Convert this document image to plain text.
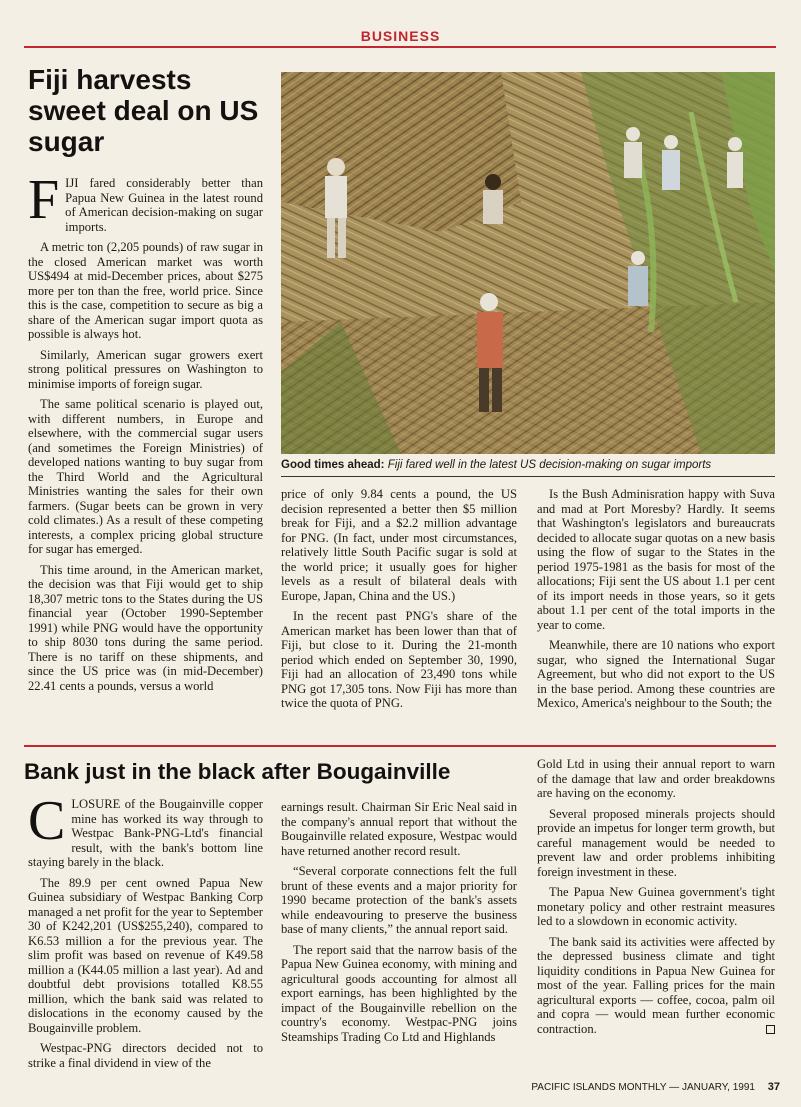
BUSINESS
Fiji harvests sweet deal on US sugar
Good times ahead: Fiji fared well in the latest US decision-making on sugar imports

FIJI fared considerably better than Papua New Guinea in the latest round of American decision-making on sugar imports.

A metric ton (2,205 pounds) of raw sugar in the closed American market was worth US$494 at mid-December prices, about $275 more per ton than the free, world price. Since this is the case, competition to secure as big a share of the American sugar import quota as possible is always hot.

Similarly, American sugar growers exert strong political pressures on Washington to minimise imports of foreign sugar.

The same political scenario is played out, with different numbers, in Europe and elsewhere, with the commercial sugar users (and sometimes the Foreign Ministries) of developed nations wanting to buy sugar from the Third World and the Agricultural Ministries wanting the sales for their own farmers. (Sugar beets can be grown in very cold climates.) As a result of these competing interests, a complex pricing global structure for sugar has emerged.

This time around, in the American market, the decision was that Fiji would get to ship 18,307 metric tons to the States during the US financial year (October 1990-September 1991) while PNG would have the opportunity to ship 8030 tons during the same period. There is no tariff on these shipments, and since the US price was (in mid-December) 22.41 cents a pounds, versus a world

price of only 9.84 cents a pound, the US decision represented a better then $5 million break for Fiji, and a $2.2 million advantage for PNG. (In fact, under most circumstances, relatively little South Pacific sugar is sold at the world price; it usually goes for higher levels as a result of bilateral deals with Europe, Japan, China and the US.)

In the recent past PNG's share of the American market has been lower than that of Fiji, but close to it. During the 21-month period which ended on September 30, 1990, Fiji had an allocation of 23,490 tons while PNG got 17,305 tons. Now Fiji has more than twice the quota of PNG.

Is the Bush Adminisration happy with Suva and mad at Port Moresby? Hardly. It seems that Washington's legislators and bureaucrats decided to allocate sugar quotas on a new basis using the flow of sugar to the States in the period 1975-1981 as the basis for most of the allocations; Fiji sent the US about 1.1 per cent of its import needs in those years, so it gets about 1.1 per cent of the total imports in the year to come.

Meanwhile, there are 10 nations who export sugar, who signed the International Sugar Agreement, but who did not export to the US in the base period. Among these countries are Mexico, America's neighbour to the South; the

Bank just in the black after Bougainville

CLOSURE of the Bougainville copper mine has worked its way through to Westpac Bank-PNG-Ltd's financial result, with the bank's bottom line staying barely in the black.

The 89.9 per cent owned Papua New Guinea subsidiary of Westpac Banking Corp managed a net profit for the year to September 30 of K242,201 (US$255,240), compared to K6.53 million a for the previous year. The slim profit was based on revenue of K49.58 million a (K44.05 million a last year). Ad and doubtful debt provisions totalled K8.55 million, which the bank said was related to dislocations in the economy caused by the Bougainville problem.

Westpac-PNG directors decided not to strike a final dividend in view of the

earnings result. Chairman Sir Eric Neal said in the company's annual report that without the Bougainville related exposure, Westpac would have returned another record result.

“Several corporate connections felt the full brunt of these events and a major priority for 1990 became protection of the bank's assets while endeavouring to preserve the business base of many clients,” the annual report said.

The report said that the narrow basis of the Papua New Guinea economy, with mining and agricultural goods accounting for almost all export earnings, has been highlighted by the impact of the Bougainville rebellion on the country's economy. Westpac-PNG joins Steamships Trading Co Ltd and Highlands

Gold Ltd in using their annual report to warn of the damage that law and order breakdowns are having on the economy.

Several proposed minerals projects should provide an impetus for longer term growth, but careful management would be needed to prevent law and order problems inhibiting foreign investment in these.

The Papua New Guinea government's tight monetary policy and other restraint measures led to a slowdown in economic activity.

The bank said its activities were affected by the depressed business climate and tight liquidity conditions in Papua New Guinea for most of the year. Falling prices for the main agricultural exports — coffee, cocoa, palm oil and copra — would mean further economic contraction.

PACIFIC ISLANDS MONTHLY — JANUARY, 1991 37
